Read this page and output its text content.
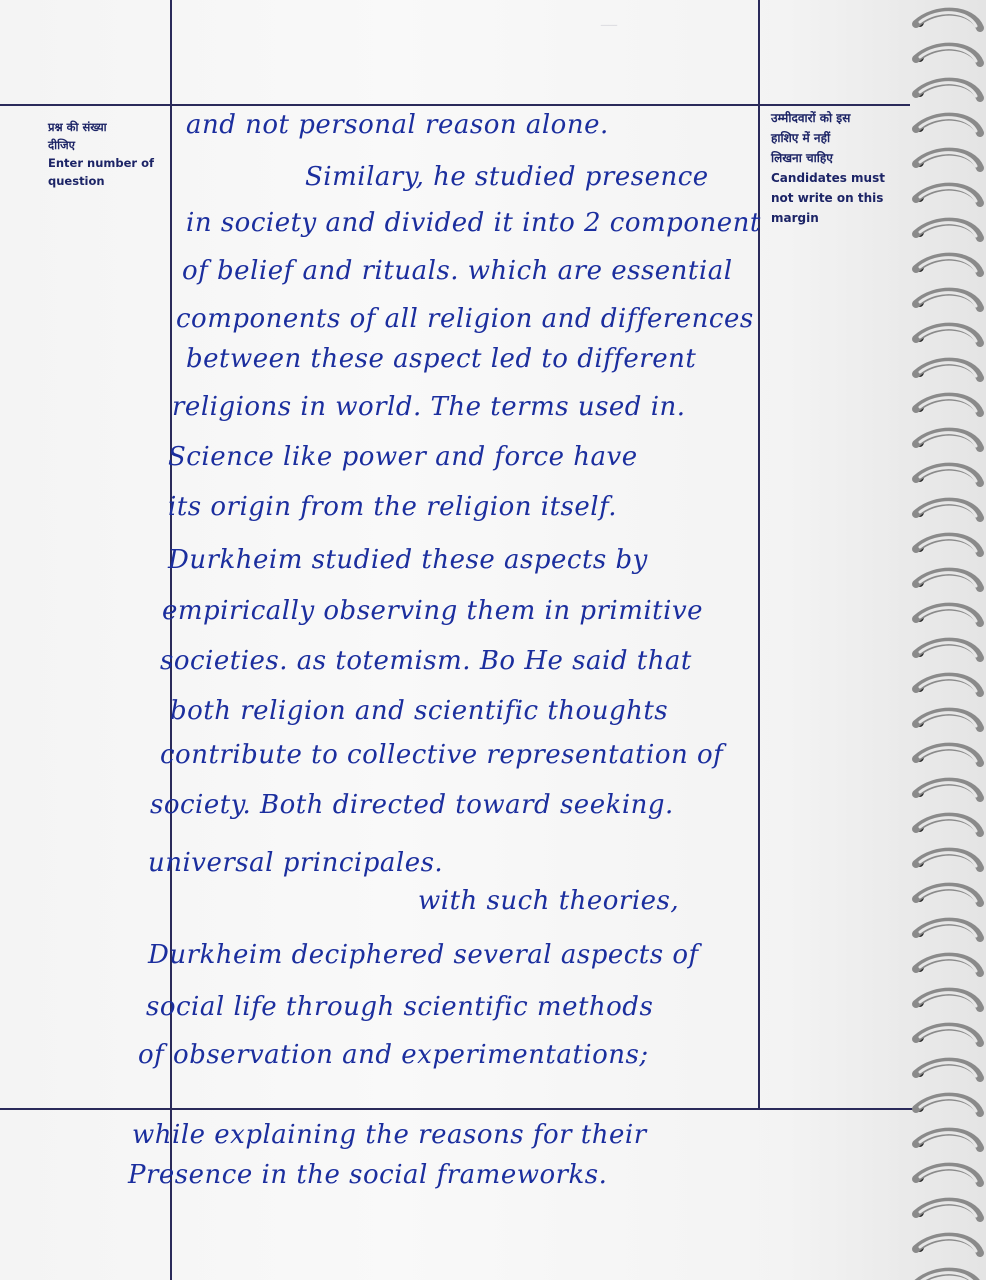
—
प्रश्न की संख्या
दीजिए
Enter number of
question
उम्मीदवारों को इस
हाशिए में नहीं
लिखना चाहिए
Candidates must
not write on this
margin
and not personal reason alone.
Similary, he studied presence
in society and divided it into 2 component
of belief and rituals. which are essential
components of all religion and differences
between these aspect led to different
religions in world. The terms used in.
Science like power and force have
its origin from the religion itself.
Durkheim studied these aspects by
empirically observing them in primitive
societies. as totemism. Bo He said that
both religion and scientific thoughts
contribute to collective representation of
society. Both directed toward seeking.
universal principales.
with such theories,
Durkheim deciphered several aspects of
social life through scientific methods
of observation and experimentations;
while explaining the reasons for their
Presence in the social frameworks.
